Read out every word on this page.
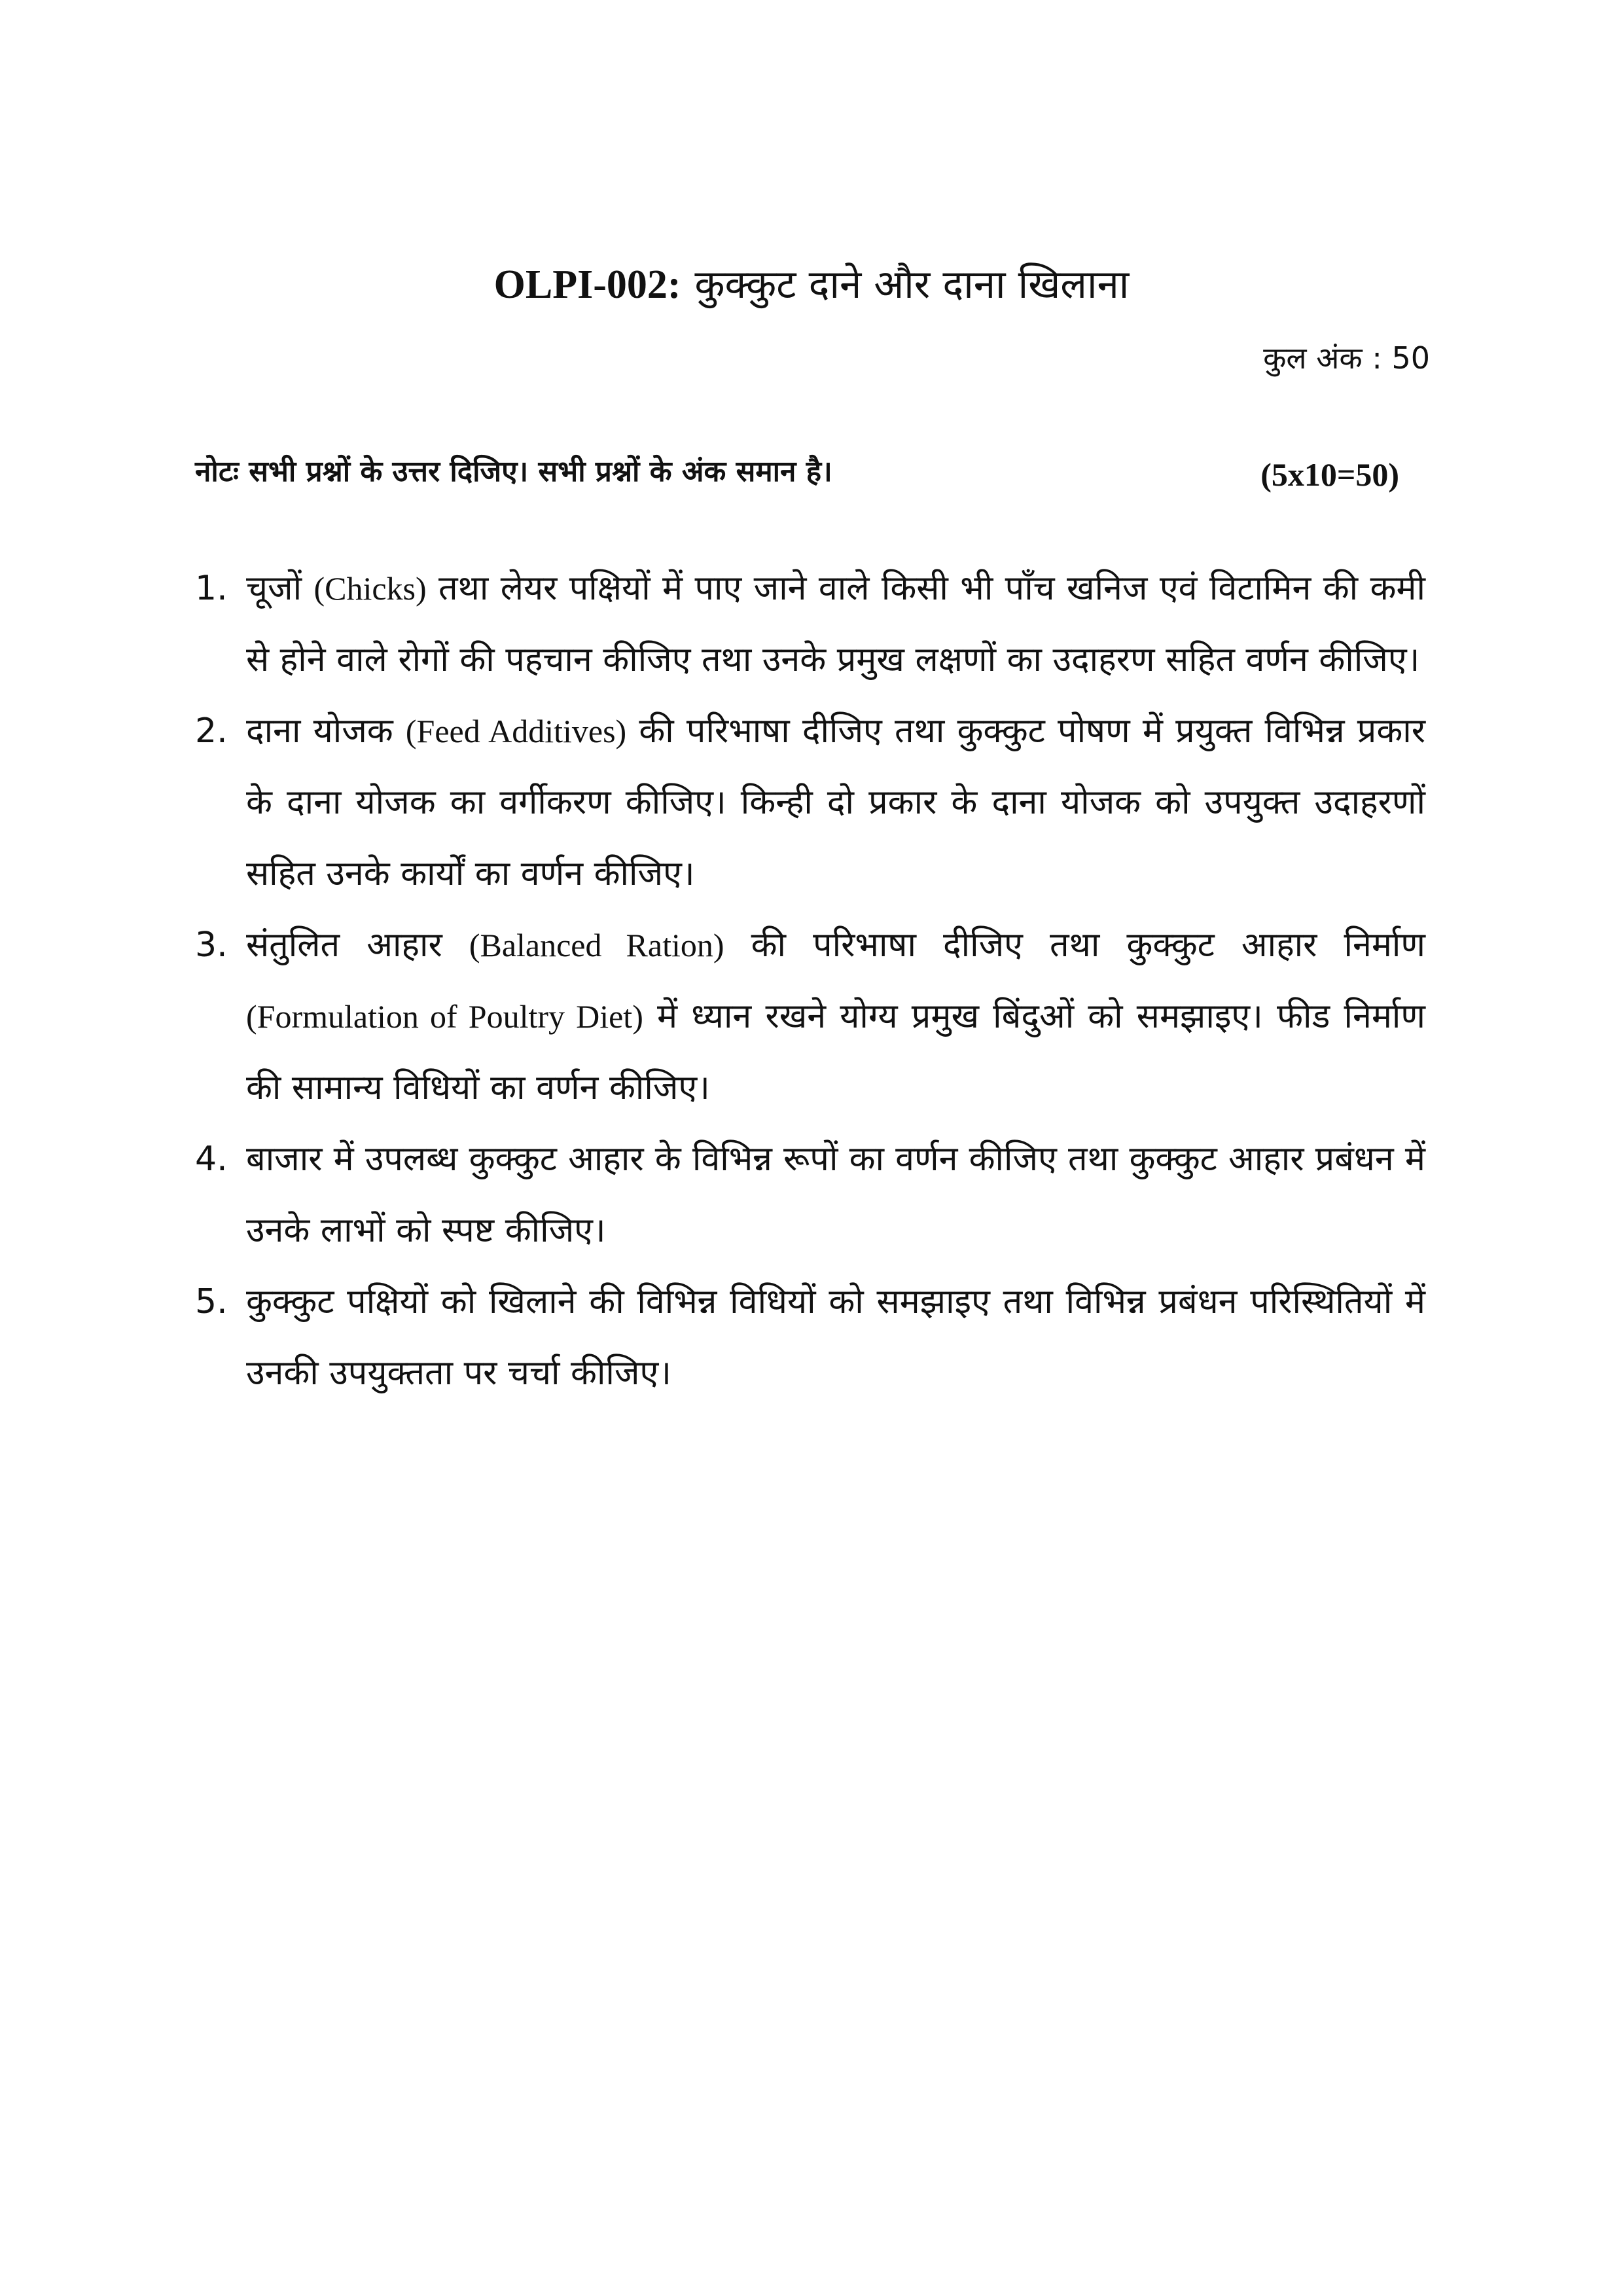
OLPI-002: कुक्कुट दाने और दाना खिलाना
कुल अंक : 50
नोटः सभी प्रश्नों के उत्तर दिजिए। सभी प्रश्नों के अंक समान है।	(5x10=50)
1. चूजों (Chicks) तथा लेयर पक्षियों में पाए जाने वाले किसी भी पाँच खनिज एवं विटामिन की कमी से होने वाले रोगों की पहचान कीजिए तथा उनके प्रमुख लक्षणों का उदाहरण सहित वर्णन कीजिए।
2. दाना योजक (Feed Additives) की परिभाषा दीजिए तथा कुक्कुट पोषण में प्रयुक्त विभिन्न प्रकार के दाना योजक का वर्गीकरण कीजिए। किन्ही दो प्रकार के दाना योजक को उपयुक्त उदाहरणों सहित उनके कार्यों का वर्णन कीजिए।
3. संतुलित आहार (Balanced Ration) की परिभाषा दीजिए तथा कुक्कुट आहार निर्माण (Formulation of Poultry Diet) में ध्यान रखने योग्य प्रमुख बिंदुओं को समझाइए। फीड निर्माण की सामान्य विधियों का वर्णन कीजिए।
4. बाजार में उपलब्ध कुक्कुट आहार के विभिन्न रूपों का वर्णन कीजिए तथा कुक्कुट आहार प्रबंधन में उनके लाभों को स्पष्ट कीजिए।
5. कुक्कुट पक्षियों को खिलाने की विभिन्न विधियों को समझाइए तथा विभिन्न प्रबंधन परिस्थितियों में उनकी उपयुक्तता पर चर्चा कीजिए।
